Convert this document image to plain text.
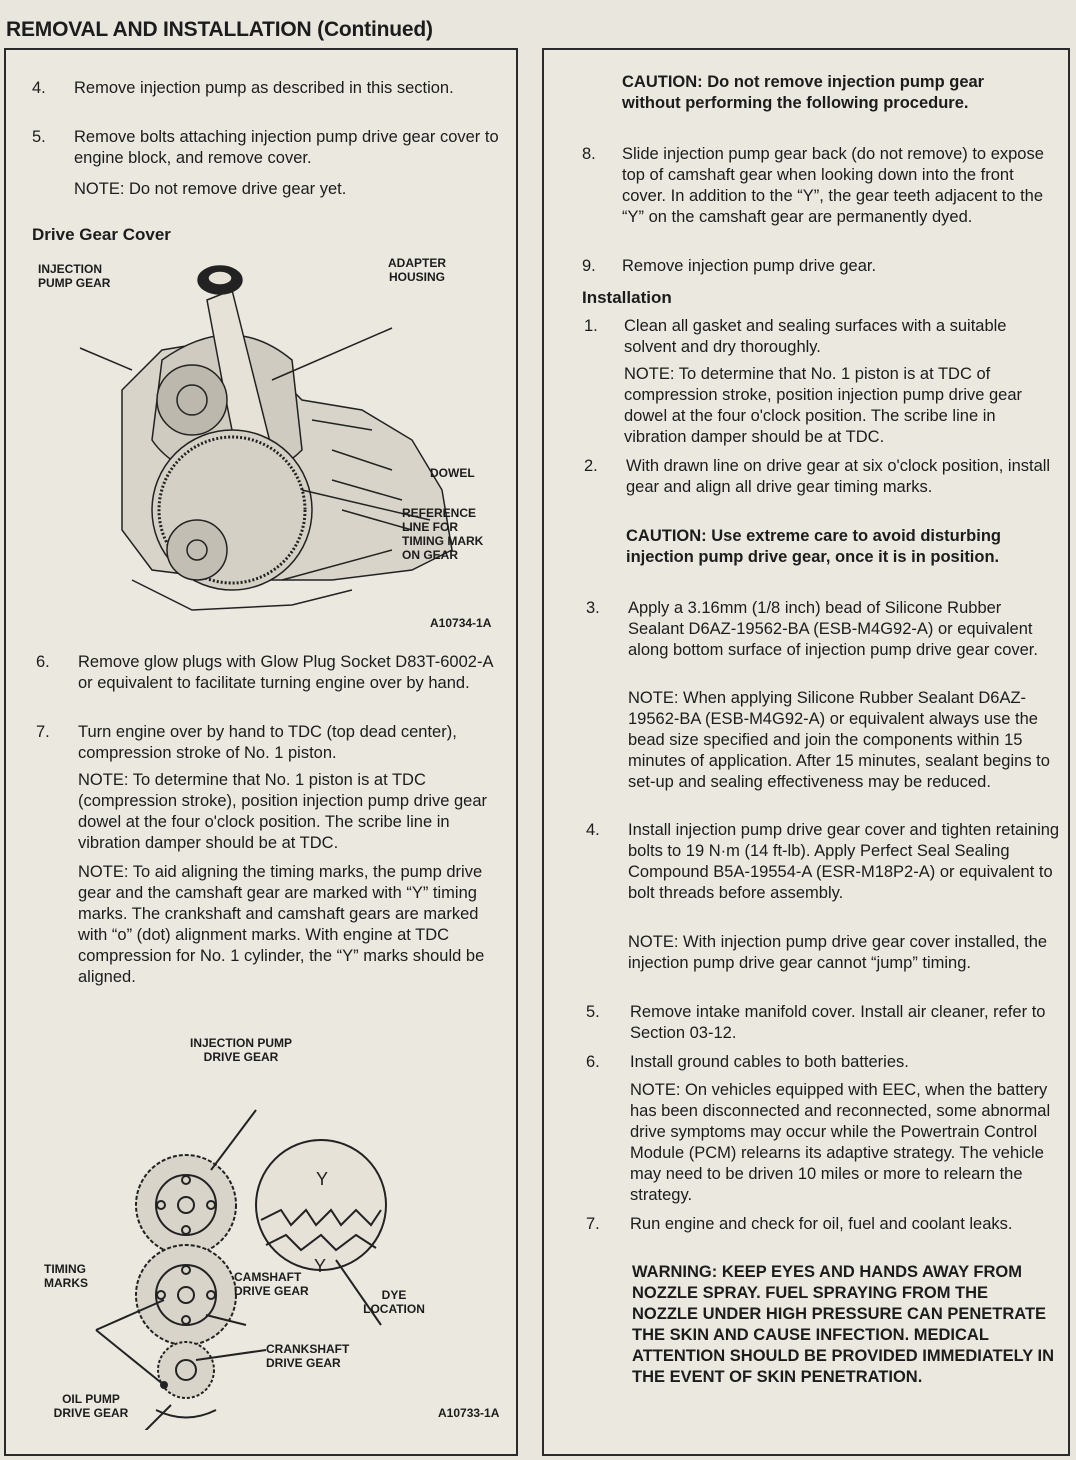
REMOVAL AND INSTALLATION (Continued)
4. Remove injection pump as described in this section.
5. Remove bolts attaching injection pump drive gear cover to engine block, and remove cover.
NOTE: Do not remove drive gear yet.
Drive Gear Cover
INJECTION PUMP GEAR
ADAPTER HOUSING
DOWEL
REFERENCE LINE FOR TIMING MARK ON GEAR
A10734-1A
6. Remove glow plugs with Glow Plug Socket D83T-6002-A or equivalent to facilitate turning engine over by hand.
7. Turn engine over by hand to TDC (top dead center), compression stroke of No. 1 piston.
NOTE: To determine that No. 1 piston is at TDC (compression stroke), position injection pump drive gear dowel at the four o'clock position. The scribe line in vibration damper should be at TDC.
NOTE: To aid aligning the timing marks, the pump drive gear and the camshaft gear are marked with “Y” timing marks. The crankshaft and camshaft gears are marked with “o” (dot) alignment marks. With engine at TDC compression for No. 1 cylinder, the “Y” marks should be aligned.
Y
Y
INJECTION PUMP DRIVE GEAR
TIMING MARKS	CAMSHAFT DRIVE GEAR	DYE LOCATION
CRANKSHAFT DRIVE GEAR
OIL PUMP DRIVE GEAR	A10733-1A
CAUTION: Do not remove injection pump gear without performing the following procedure.
8. Slide injection pump gear back (do not remove) to expose top of camshaft gear when looking down into the front cover. In addition to the “Y”, the gear teeth adjacent to the “Y” on the camshaft gear are permanently dyed.
9. Remove injection pump drive gear.
Installation
1. Clean all gasket and sealing surfaces with a suitable solvent and dry thoroughly.
NOTE: To determine that No. 1 piston is at TDC of compression stroke, position injection pump drive gear dowel at the four o'clock position. The scribe line in vibration damper should be at TDC.
2. With drawn line on drive gear at six o'clock position, install gear and align all drive gear timing marks.
CAUTION: Use extreme care to avoid disturbing injection pump drive gear, once it is in position.
3. Apply a 3.16mm (1/8 inch) bead of Silicone Rubber Sealant D6AZ-19562-BA (ESB-M4G92-A) or equivalent along bottom surface of injection pump drive gear cover.
NOTE: When applying Silicone Rubber Sealant D6AZ-19562-BA (ESB-M4G92-A) or equivalent always use the bead size specified and join the components within 15 minutes of application. After 15 minutes, sealant begins to set-up and sealing effectiveness may be reduced.
4. Install injection pump drive gear cover and tighten retaining bolts to 19 N·m (14 ft-lb). Apply Perfect Seal Sealing Compound B5A-19554-A (ESR-M18P2-A) or equivalent to bolt threads before assembly.
NOTE: With injection pump drive gear cover installed, the injection pump drive gear cannot “jump” timing.
5. Remove intake manifold cover. Install air cleaner, refer to Section 03-12.
6. Install ground cables to both batteries.
NOTE: On vehicles equipped with EEC, when the battery has been disconnected and reconnected, some abnormal drive symptoms may occur while the Powertrain Control Module (PCM) relearns its adaptive strategy. The vehicle may need to be driven 10 miles or more to relearn the strategy.
7. Run engine and check for oil, fuel and coolant leaks.
WARNING: KEEP EYES AND HANDS AWAY FROM NOZZLE SPRAY. FUEL SPRAYING FROM THE NOZZLE UNDER HIGH PRESSURE CAN PENETRATE THE SKIN AND CAUSE INFECTION. MEDICAL ATTENTION SHOULD BE PROVIDED IMMEDIATELY IN THE EVENT OF SKIN PENETRATION.
